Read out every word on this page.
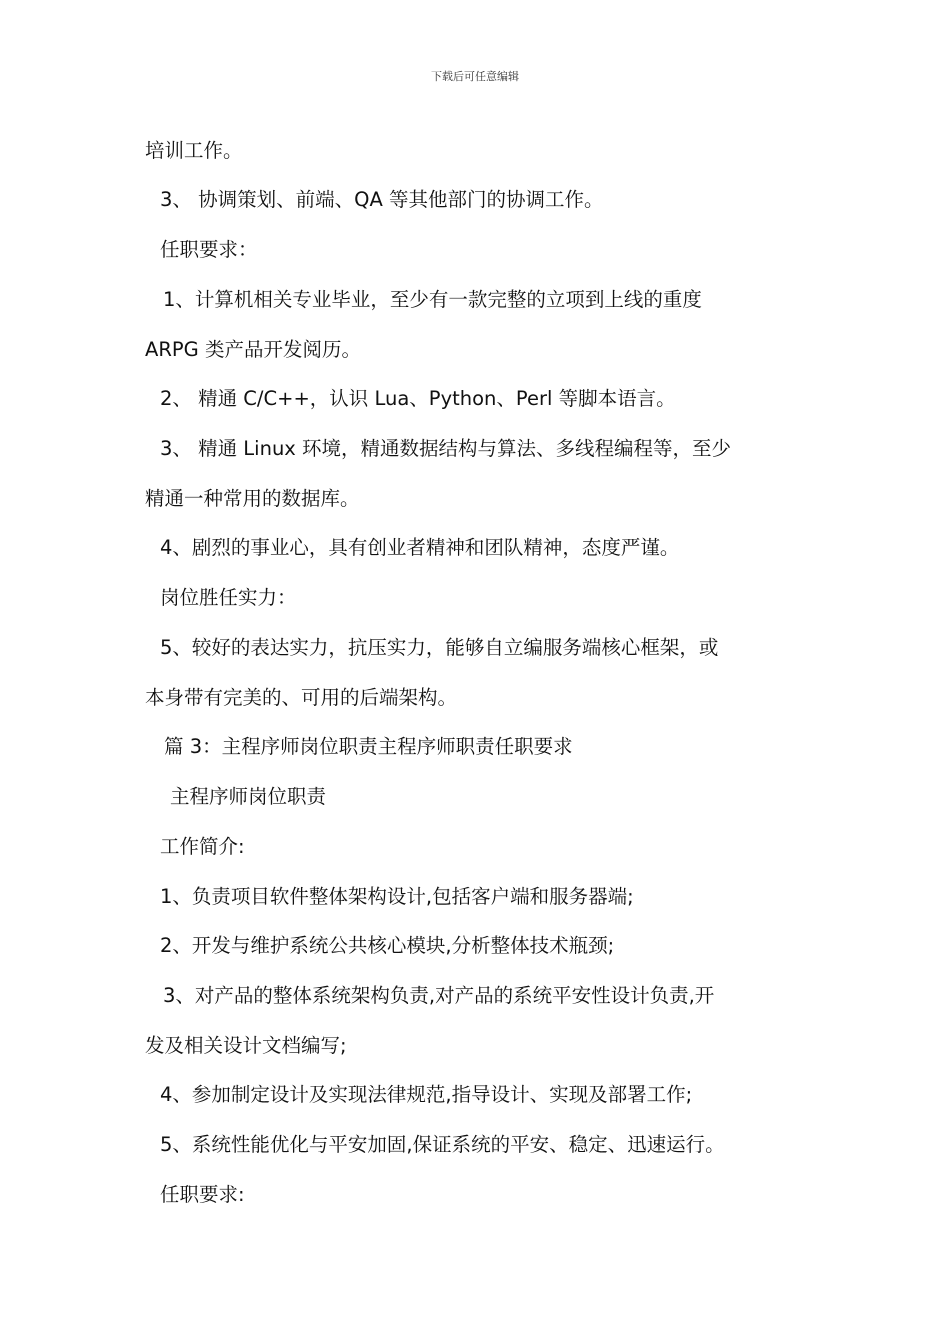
下载后可任意编辑
培训工作。
3、 协调策划、前端、QA 等其他部门的协调工作。
任职要求：
1、计算机相关专业毕业，至少有一款完整的立项到上线的重度
ARPG 类产品开发阅历。
2、 精通 C/C++，认识 Lua、Python、Perl 等脚本语言。
3、 精通 Linux 环境，精通数据结构与算法、多线程编程等，至少
精通一种常用的数据库。
4、剧烈的事业心，具有创业者精神和团队精神，态度严谨。
岗位胜任实力：
5、较好的表达实力，抗压实力，能够自立编服务端核心框架，或
本身带有完美的、可用的后端架构。
篇 3：主程序师岗位职责主程序师职责任职要求
主程序师岗位职责
工作简介:
1、负责项目软件整体架构设计,包括客户端和服务器端;
2、开发与维护系统公共核心模块,分析整体技术瓶颈;
3、对产品的整体系统架构负责,对产品的系统平安性设计负责,开
发及相关设计文档编写;
4、参加制定设计及实现法律规范,指导设计、实现及部署工作;
5、系统性能优化与平安加固,保证系统的平安、稳定、迅速运行。
任职要求:
